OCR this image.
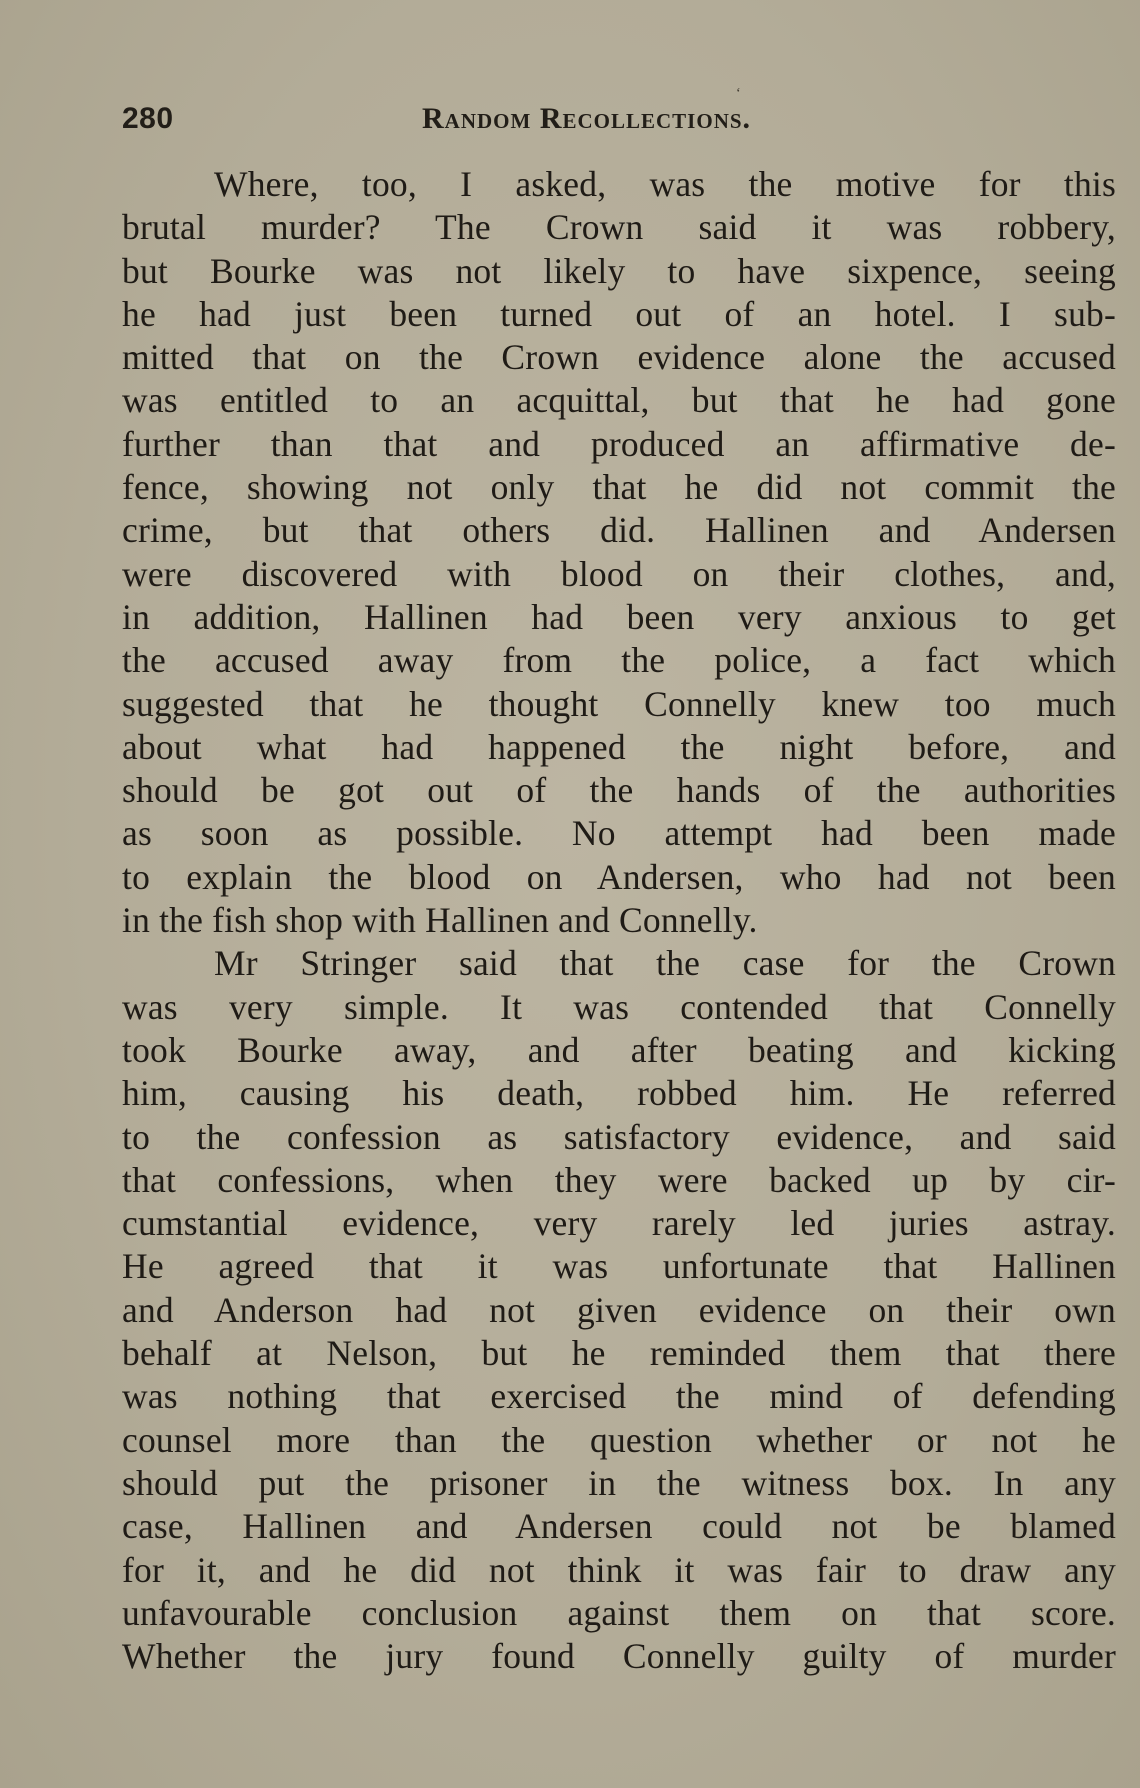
‘
280	Random Recollections.
Where, too, I asked, was the motive for this
brutal murder? The Crown said it was robbery,
but Bourke was not likely to have sixpence, seeing
he had just been turned out of an hotel. I sub-
mitted that on the Crown evidence alone the accused
was entitled to an acquittal, but that he had gone
further than that and produced an affirmative de-
fence, showing not only that he did not commit the
crime, but that others did. Hallinen and Andersen
were discovered with blood on their clothes, and,
in addition, Hallinen had been very anxious to get
the accused away from the police, a fact which
suggested that he thought Connelly knew too much
about what had happened the night before, and
should be got out of the hands of the authorities
as soon as possible. No attempt had been made
to explain the blood on Andersen, who had not been
in the fish shop with Hallinen and Connelly.
Mr Stringer said that the case for the Crown
was very simple. It was contended that Connelly
took Bourke away, and after beating and kicking
him, causing his death, robbed him. He referred
to the confession as satisfactory evidence, and said
that confessions, when they were backed up by cir-
cumstantial evidence, very rarely led juries astray.
He agreed that it was unfortunate that Hallinen
and Anderson had not given evidence on their own
behalf at Nelson, but he reminded them that there
was nothing that exercised the mind of defending
counsel more than the question whether or not he
should put the prisoner in the witness box. In any
case, Hallinen and Andersen could not be blamed
for it, and he did not think it was fair to draw any
unfavourable conclusion against them on that score.
Whether the jury found Connelly guilty of murder
